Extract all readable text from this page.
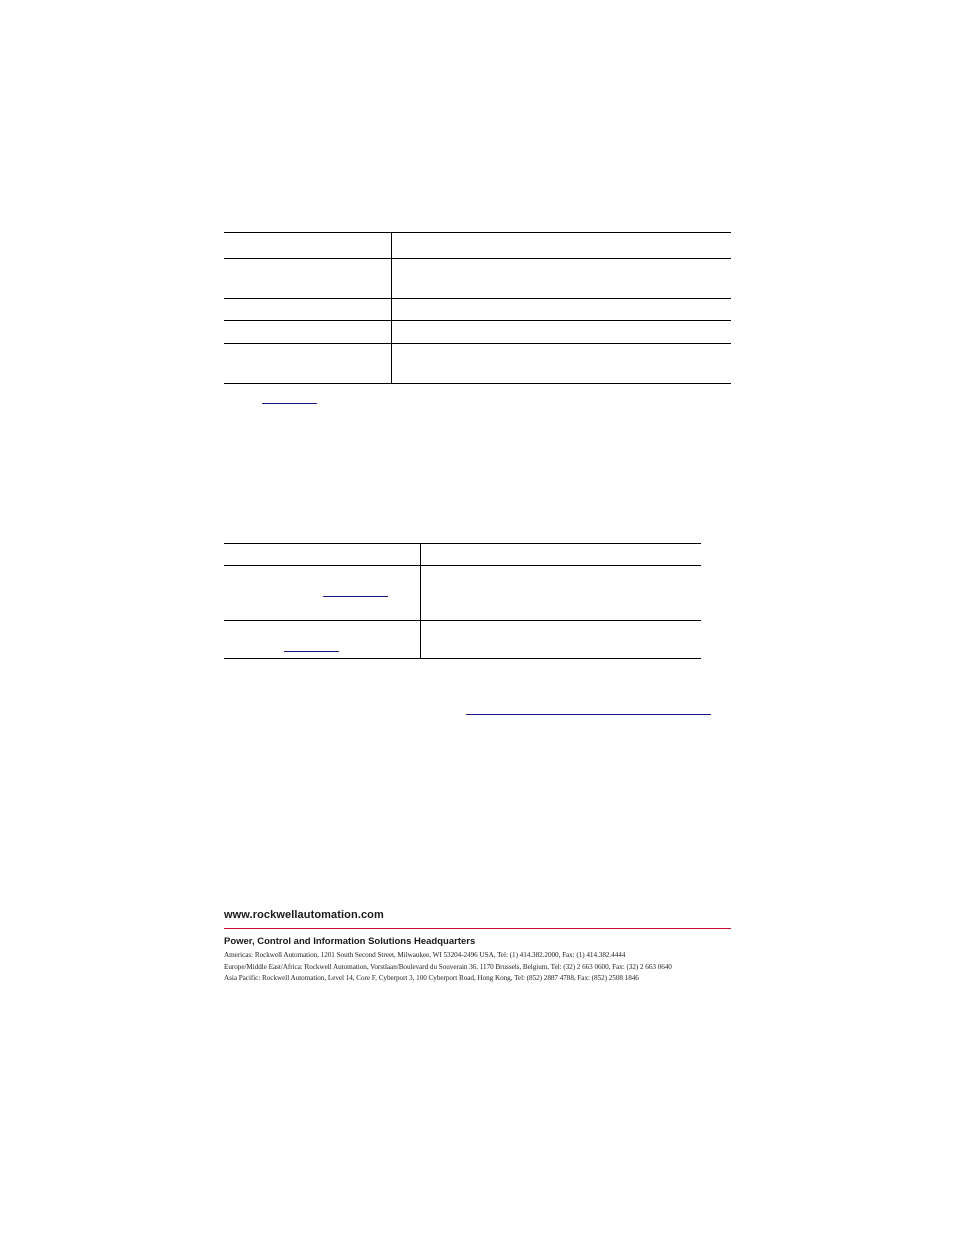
www.rockwellautomation.com
Power, Control and Information Solutions Headquarters
Americas: Rockwell Automation, 1201 South Second Street, Milwaukee, WI 53204-2496 USA, Tel: (1) 414.382.2000, Fax: (1) 414.382.4444
Europe/Middle East/Africa: Rockwell Automation, Vorstlaan/Boulevard du Souverain 36, 1170 Brussels, Belgium, Tel: (32) 2 663 0600, Fax: (32) 2 663 0640
Asia Pacific: Rockwell Automation, Level 14, Core F, Cyberport 3, 100 Cyberport Road, Hong Kong, Tel: (852) 2887 4788, Fax: (852) 2508 1846
